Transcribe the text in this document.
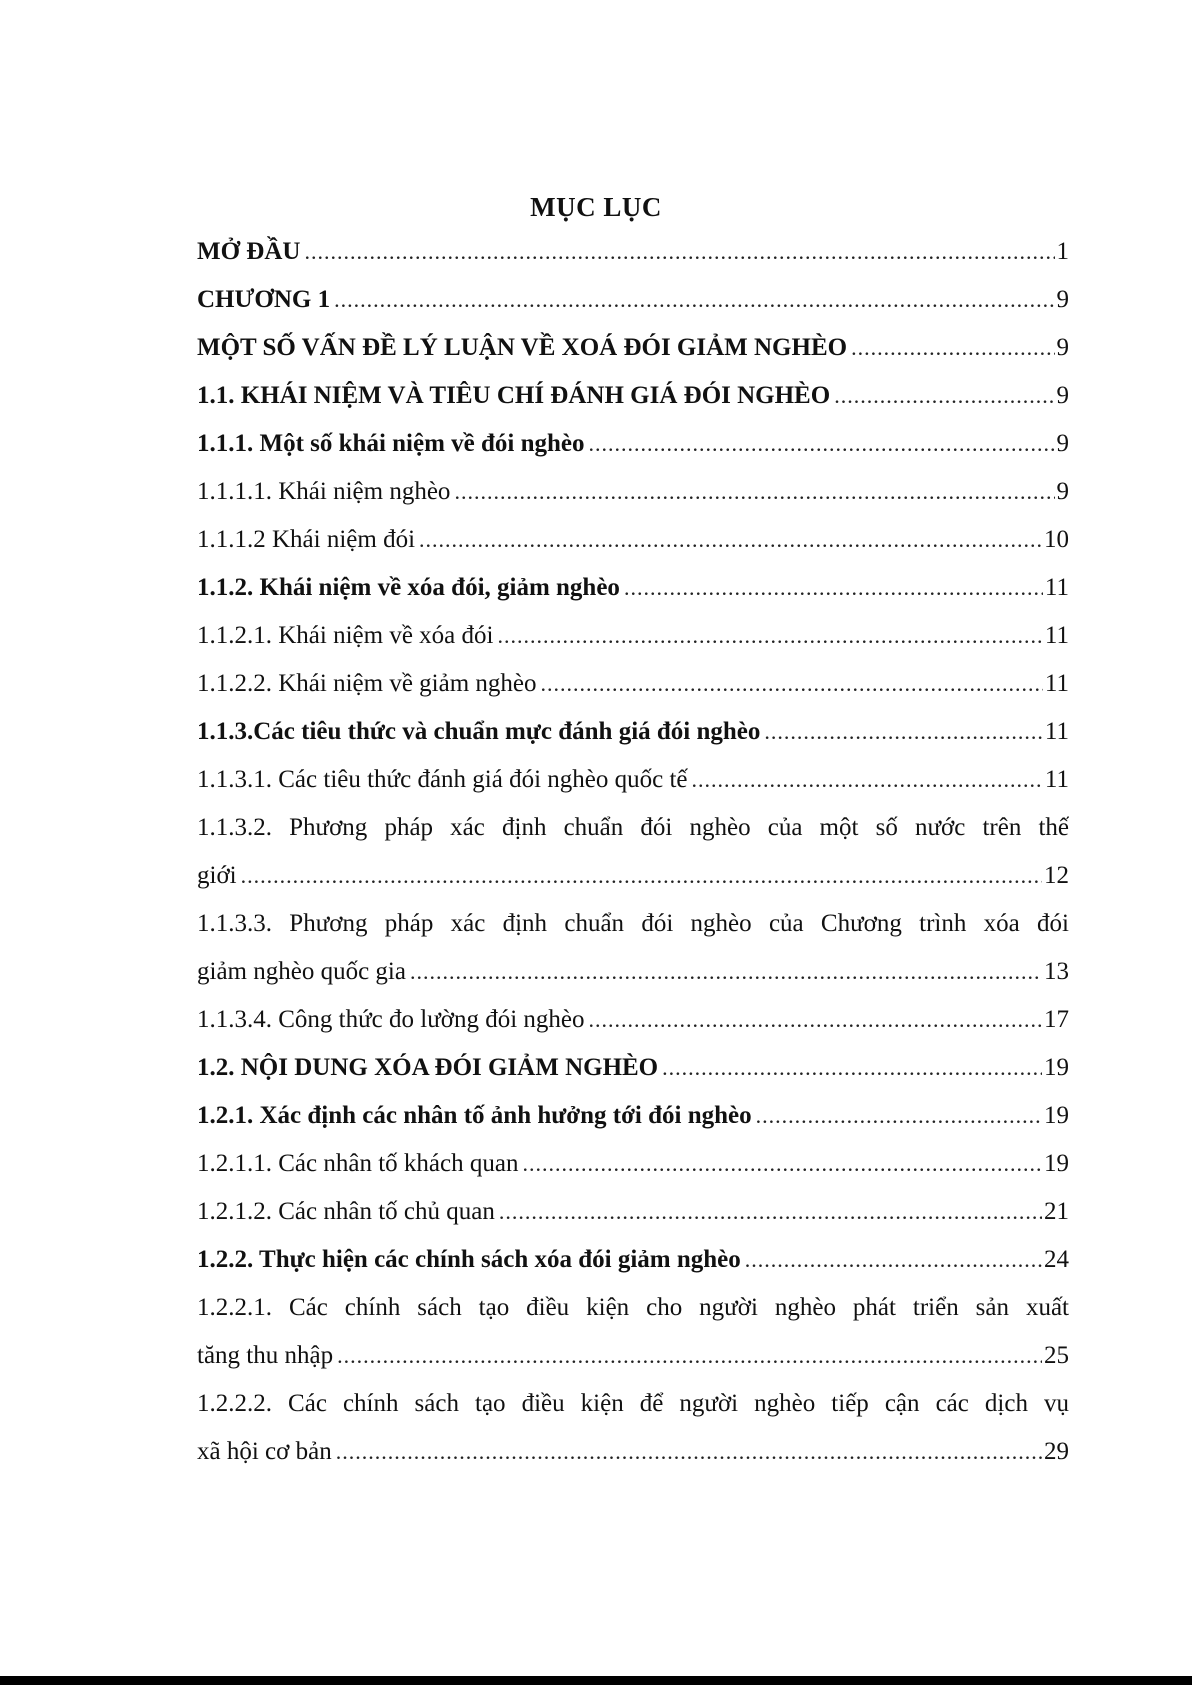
MỤC LỤC
MỞ ĐẦU .....	1
CHƯƠNG 1 .....	9
MỘT SỐ VẤN ĐỀ LÝ LUẬN VỀ XOÁ ĐÓI GIẢM NGHÈO .....	9
1.1. KHÁI NIỆM VÀ TIÊU CHÍ ĐÁNH GIÁ ĐÓI NGHÈO .....	9
1.1.1. Một số khái niệm về đói nghèo .....	9
1.1.1.1. Khái niệm nghèo .....	9
1.1.1.2 Khái niệm đói .....	10
1.1.2. Khái niệm về xóa đói, giảm nghèo .....	11
1.1.2.1. Khái niệm về xóa đói .....	11
1.1.2.2. Khái niệm về giảm nghèo .....	11
1.1.3.Các tiêu thức và chuẩn mực đánh giá đói nghèo .....	11
1.1.3.1. Các tiêu thức đánh giá đói nghèo quốc tế .....	11
1.1.3.2. Phương pháp xác định chuẩn đói nghèo của một số nước trên thế
giới .....	12
1.1.3.3. Phương pháp xác định chuẩn đói nghèo của Chương trình xóa đói
giảm nghèo quốc gia .....	13
1.1.3.4. Công thức đo lường đói nghèo .....	17
1.2. NỘI DUNG XÓA ĐÓI GIẢM NGHÈO .....	19
1.2.1. Xác định các nhân tố ảnh hưởng tới đói nghèo .....	19
1.2.1.1. Các nhân tố khách quan .....	19
1.2.1.2. Các nhân tố chủ quan .....	21
1.2.2. Thực hiện các chính sách xóa đói giảm nghèo .....	24
1.2.2.1. Các chính sách tạo điều kiện cho người nghèo phát triển sản xuất
tăng thu nhập .....	25
1.2.2.2. Các chính sách tạo điều kiện để người nghèo tiếp cận các dịch vụ
xã hội cơ bản .....	29
